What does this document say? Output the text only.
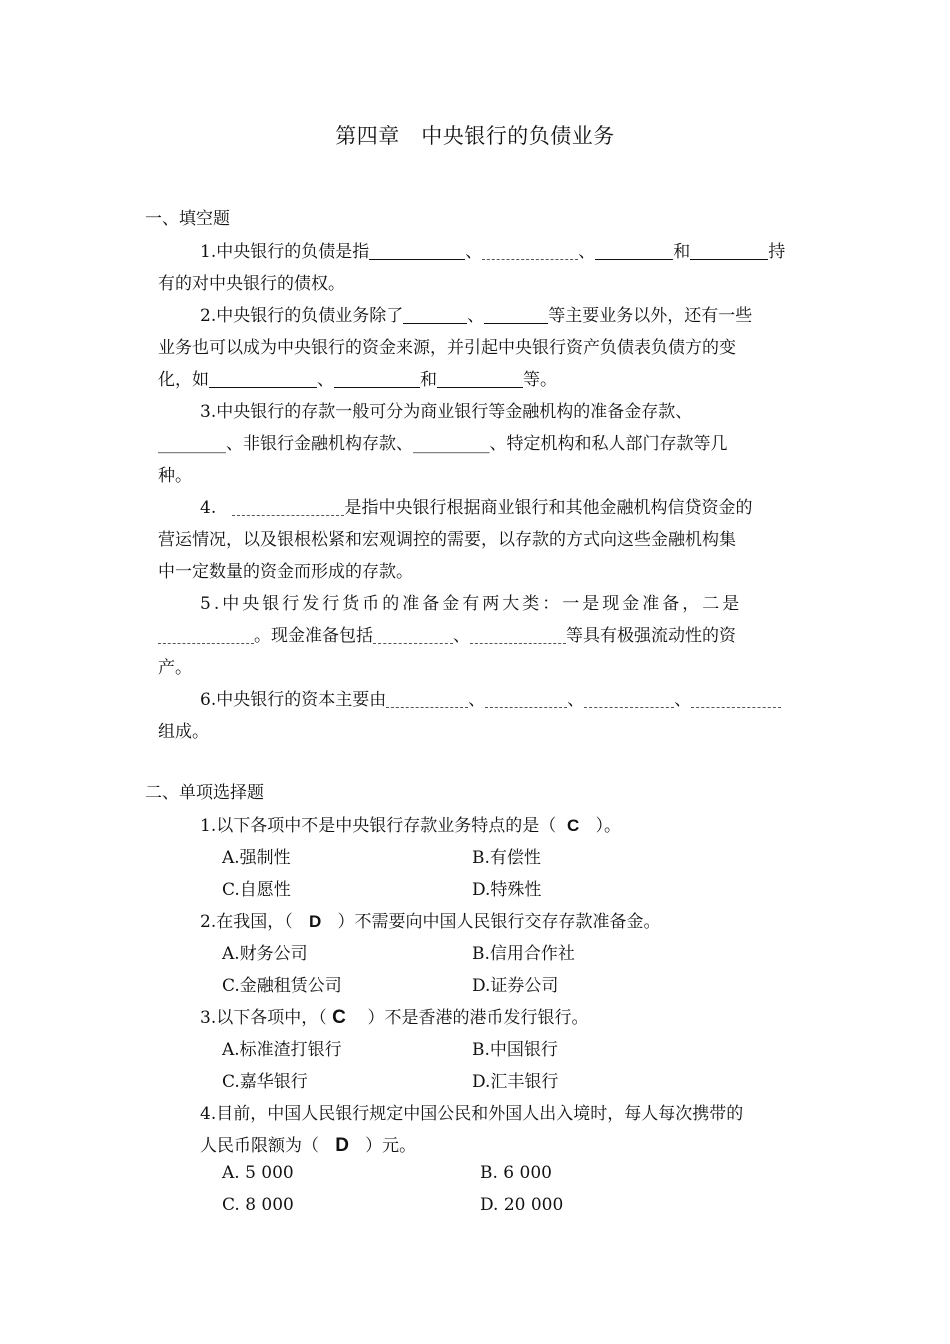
第四章　中央银行的负债业务
一、填空题
1.中央银行的负债是指	、	、	和	持
有的对中央银行的债权。
2.中央银行的负债业务除了	、	等主要业务以外，还有一些
业务也可以成为中央银行的资金来源，并引起中央银行资产负债表负债方的变
化，如	、	和	等。
3.中央银行的存款一般可分为商业银行等金融机构的准备金存款、
________、非银行金融机构存款、_________、特定机构和私人部门存款等几
种。
4.	是指中央银行根据商业银行和其他金融机构信贷资金的
营运情况，以及银根松紧和宏观调控的需要，以存款的方式向这些金融机构集
中一定数量的资金而形成的存款。
5.中央银行发行货币的准备金有两大类：一是现金准备，二是
。现金准备包括	、	等具有极强流动性的资
产。
6.中央银行的资本主要由	、	、	、
组成。
二、单项选择题
1.以下各项中不是中央银行存款业务特点的是（ C ）。
A.强制性	B.有偿性
C.自愿性	D.特殊性
2.在我国，（ D ）不需要向中国人民银行交存存款准备金。
A.财务公司	B.信用合作社
C.金融租赁公司	D.证券公司
3.以下各项中，（ C ）不是香港的港币发行银行。
A.标准渣打银行	B.中国银行
C.嘉华银行	D.汇丰银行
4.目前，中国人民银行规定中国公民和外国人出入境时，每人每次携带的
人民币限额为（ D ）元。
A. 5 000	B. 6 000
C. 8 000	D. 20 000
